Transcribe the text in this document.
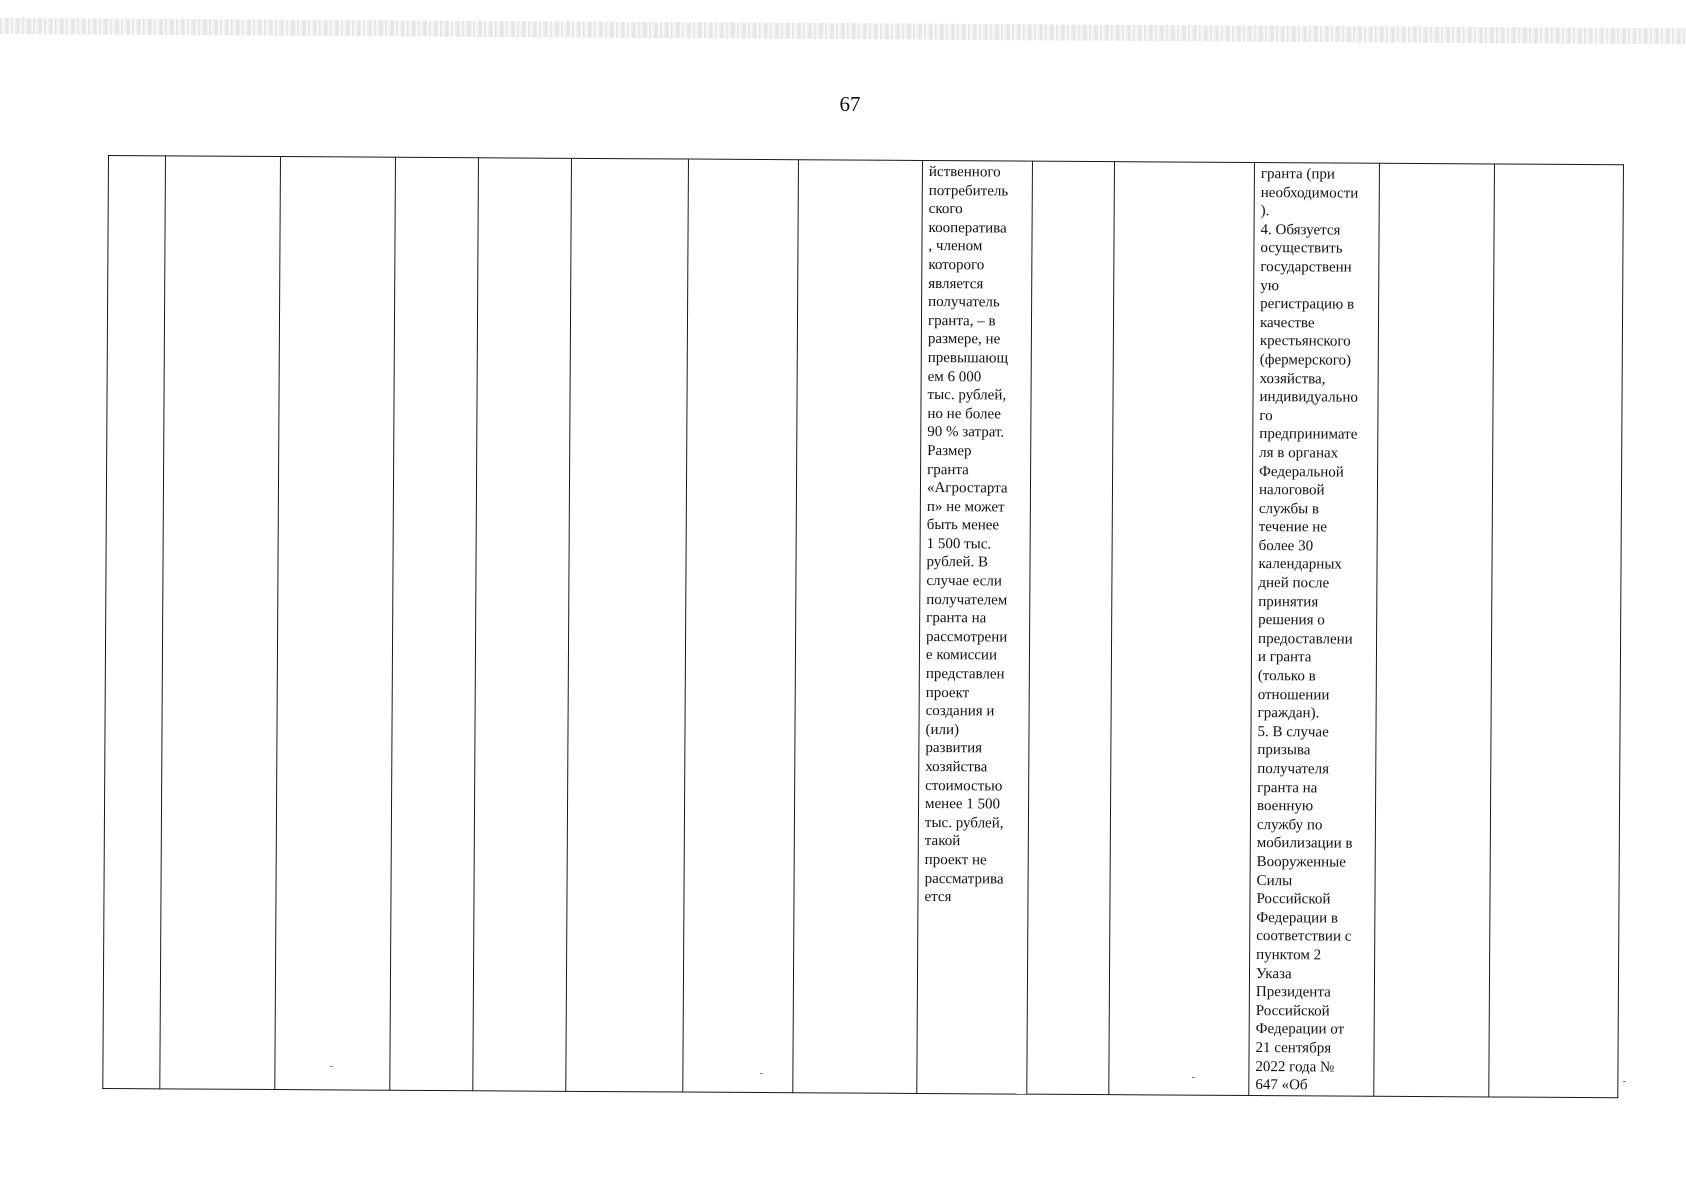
67

йственного
потребитель
ского
кооператива
, членом
которого
является
получатель
гранта, – в
размере, не
превышающ
ем 6 000
тыс. рублей,
но не более
90 % затрат.
Размер
гранта
«Агростарта
п» не может
быть менее
1 500 тыс.
рублей. В
случае если
получателем
гранта на
рассмотрени
е комиссии
представлен
проект
создания и
(или)
развития
хозяйства
стоимостью
менее 1 500
тыс. рублей,
такой
проект не
рассматрива
ется

гранта (при
необходимости
).
4. Обязуется
осуществить
государственн
ую
регистрацию в
качестве
крестьянского
(фермерского)
хозяйства,
индивидуально
го
предпринимате
ля в органах
Федеральной
налоговой
службы в
течение не
более 30
календарных
дней после
принятия
решения о
предоставлени
и гранта
(только в
отношении
граждан).
5. В случае
призыва
получателя
гранта на
военную
службу по
мобилизации в
Вооруженные
Силы
Российской
Федерации в
соответствии с
пунктом 2
Указа
Президента
Российской
Федерации от
21 сентября
2022 года №
647 «Об
